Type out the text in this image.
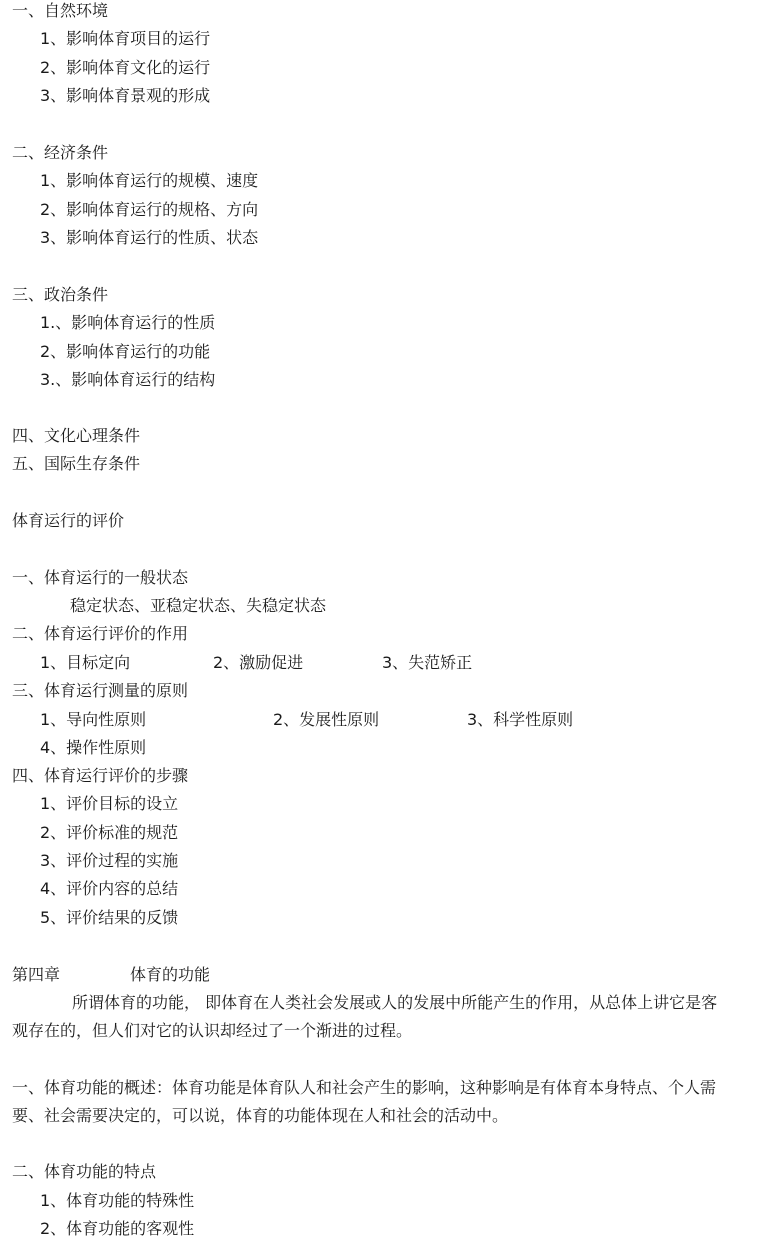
一、自然环境
1、影响体育项目的运行
2、影响体育文化的运行
3、影响体育景观的形成
二、经济条件
1、影响体育运行的规模、速度
2、影响体育运行的规格、方向
3、影响体育运行的性质、状态
三、政治条件
1.、影响体育运行的性质
2、影响体育运行的功能
3.、影响体育运行的结构
四、文化心理条件
五、国际生存条件
体育运行的评价
一、体育运行的一般状态
稳定状态、亚稳定状态、失稳定状态
二、体育运行评价的作用
1、目标定向	2、激励促进	3、失范矫正
三、体育运行测量的原则
1、导向性原则	2、发展性原则	3、科学性原则
4、操作性原则
四、体育运行评价的步骤
1、评价目标的设立
2、评价标准的规范
3、评价过程的实施
4、评价内容的总结
5、评价结果的反馈
第四章	体育的功能

所谓体育的功能， 即体育在人类社会发展或人的发展中所能产生的作用，从总体上讲它是客观存在的，但人们对它的认识却经过了一个渐进的过程。

一、体育功能的概述：体育功能是体育队人和社会产生的影响，这种影响是有体育本身特点、个人需要、社会需要决定的，可以说，体育的功能体现在人和社会的活动中。

二、体育功能的特点
1、体育功能的特殊性
2、体育功能的客观性
